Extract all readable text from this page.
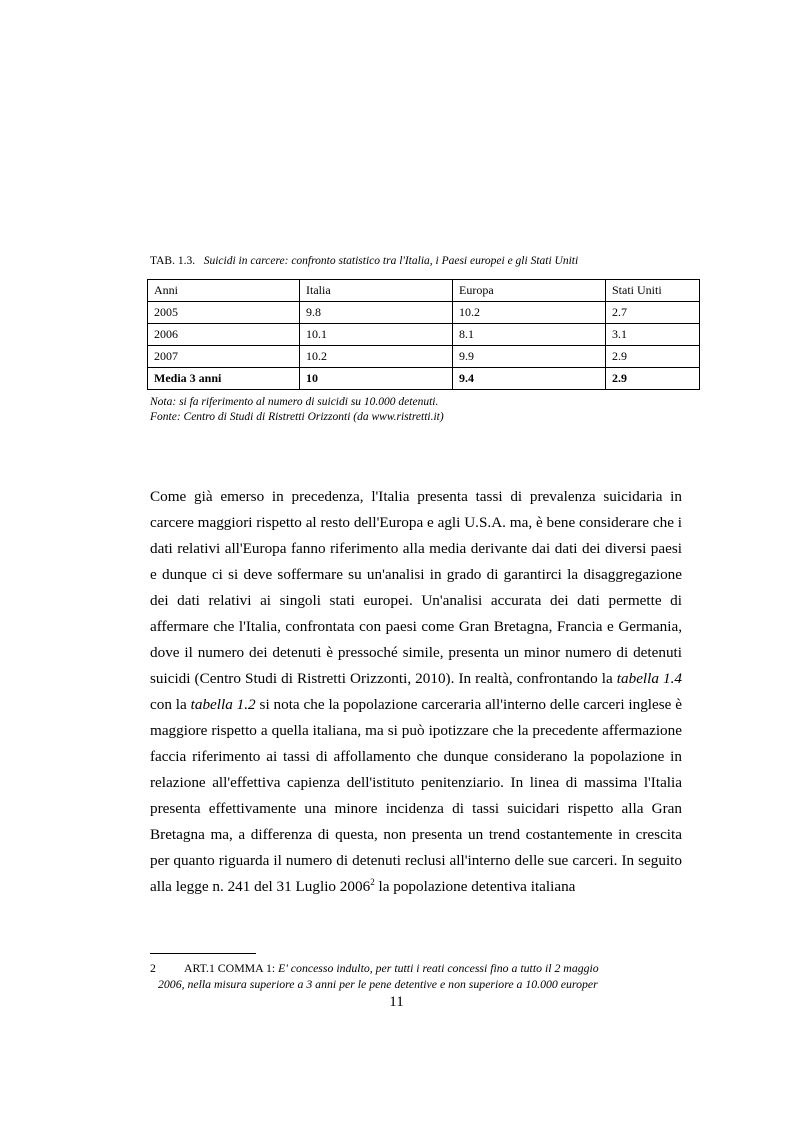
TAB. 1.3. Suicidi in carcere: confronto statistico tra l'Italia, i Paesi europei e gli Stati Uniti
Anni	Italia	Europa	Stati Uniti
2005	9.8	10.2	2.7
2006	10.1	8.1	3.1
2007	10.2	9.9	2.9
Media 3 anni	10	9.4	2.9
Nota: si fa riferimento al numero di suicidi su 10.000 detenuti.
Fonte: Centro di Studi di Ristretti Orizzonti (da www.ristretti.it)

Come già emerso in precedenza, l'Italia presenta tassi di prevalenza suicidaria in carcere maggiori rispetto al resto dell'Europa e agli U.S.A. ma, è bene considerare che i dati relativi all'Europa fanno riferimento alla media derivante dai dati dei diversi paesi e dunque ci si deve soffermare su un'analisi in grado di garantirci la disaggregazione dei dati relativi ai singoli stati europei. Un'analisi accurata dei dati permette di affermare che l'Italia, confrontata con paesi come Gran Bretagna, Francia e Germania, dove il numero dei detenuti è pressoché simile, presenta un minor numero di detenuti suicidi (Centro Studi di Ristretti Orizzonti, 2010). In realtà, confrontando la tabella 1.4 con la tabella 1.2 si nota che la popolazione carceraria all'interno delle carceri inglese è maggiore rispetto a quella italiana, ma si può ipotizzare che la precedente affermazione faccia riferimento ai tassi di affollamento che dunque considerano la popolazione in relazione all'effettiva capienza dell'istituto penitenziario. In linea di massima l'Italia presenta effettivamente una minore incidenza di tassi suicidari rispetto alla Gran Bretagna ma, a differenza di questa, non presenta un trend costantemente in crescita per quanto riguarda il numero di detenuti reclusi all'interno delle sue carceri. In seguito alla legge n. 241 del 31 Luglio 2006$^2$ la popolazione detentiva italiana

2	ART.1 COMMA 1: E' concesso indulto, per tutti i reati concessi fino a tutto il 2 maggio
2006, nella misura superiore a 3 anni per le pene detentive e non superiore a 10.000 europer
11
